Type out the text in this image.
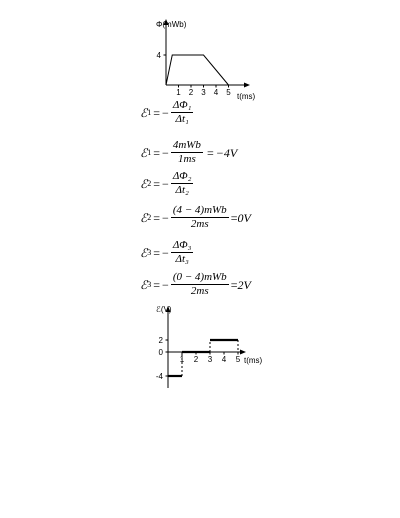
1 2 3 4 5
4
Φ(mWb)
t(ms)
ℰ 1 = − $\frac{\text{ΔΦ₁}}{\text{Δt₁}}$
ℰ 1 = − $\frac{\text{4mWb}}{1ms} = -4V$
ℰ 2 = − $\frac{\text{ΔΦ₂}}{\text{Δt₂}}$
ℰ 2 = − $\frac{\text{(4 − 4)mWb}}{2ms} = 0V$
ℰ 3 = − $\frac{\text{ΔΦ₃}}{\text{Δt₃}}$
ℰ 3 = − $\frac{\text{(0 − 4)mWb}}{2ms} = 2V$
1 2 3 4 5
2
0
-4
ℰ(V)
t(ms)
